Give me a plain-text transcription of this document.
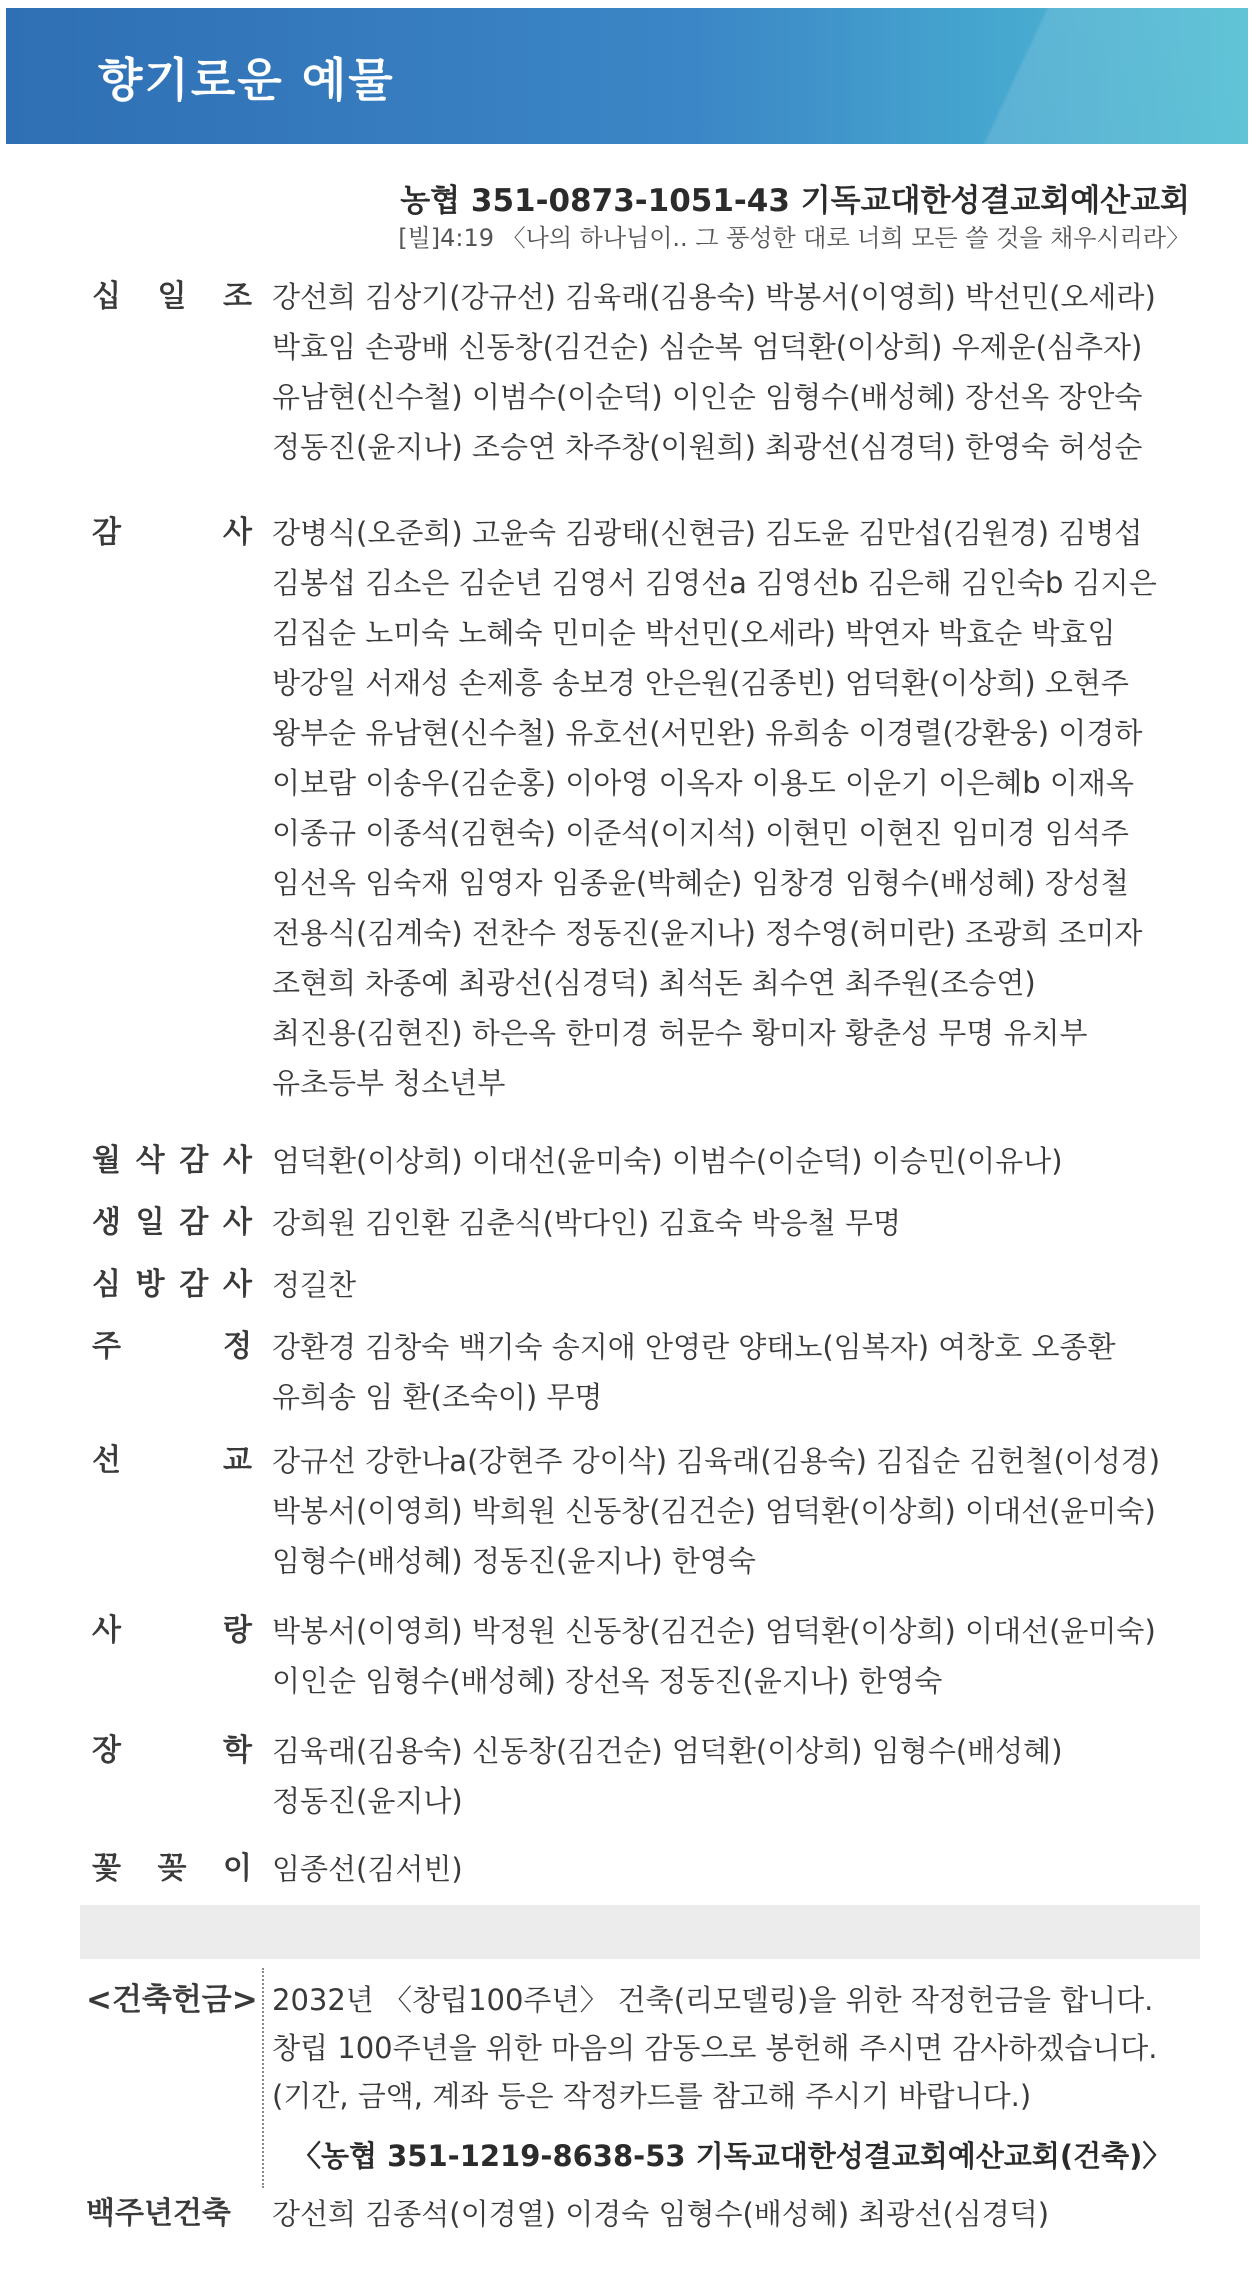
향기로운 예물
농협 351-0873-1051-43 기독교대한성결교회예산교회
[빌]4:19 〈나의 하나님이.. 그 풍성한 대로 너희 모든 쓸 것을 채우시리라〉
십 일 조 강선희 김상기(강규선) 김육래(김용숙) 박봉서(이영희) 박선민(오세라)
박효임 손광배 신동창(김건순) 심순복 엄덕환(이상희) 우제운(심추자)
유남현(신수철) 이범수(이순덕) 이인순 임형수(배성혜) 장선옥 장안숙
정동진(윤지나) 조승연 차주창(이원희) 최광선(심경덕) 한영숙 허성순
감	사 강병식(오준희) 고윤숙 김광태(신현금) 김도윤 김만섭(김원경) 김병섭
김봉섭 김소은 김순년 김영서 김영선a 김영선b 김은해 김인숙b 김지은
김집순 노미숙 노혜숙 민미순 박선민(오세라) 박연자 박효순 박효임
방강일 서재성 손제흥 송보경 안은원(김종빈) 엄덕환(이상희) 오현주
왕부순 유남현(신수철) 유호선(서민완) 유희송 이경렬(강환웅) 이경하
이보람 이송우(김순홍) 이아영 이옥자 이용도 이운기 이은혜b 이재옥
이종규 이종석(김현숙) 이준석(이지석) 이현민 이현진 임미경 임석주
임선옥 임숙재 임영자 임종윤(박혜순) 임창경 임형수(배성혜) 장성철
전용식(김계숙) 전찬수 정동진(윤지나) 정수영(허미란) 조광희 조미자
조현희 차종예 최광선(심경덕) 최석돈 최수연 최주원(조승연)
최진용(김현진) 하은옥 한미경 허문수 황미자 황춘성 무명 유치부
유초등부 청소년부
월 삭 감 사 엄덕환(이상희) 이대선(윤미숙) 이범수(이순덕) 이승민(이유나)
생 일 감 사 강희원 김인환 김춘식(박다인) 김효숙 박응철 무명
심 방 감 사 정길찬
주	정 강환경 김창숙 백기숙 송지애 안영란 양태노(임복자) 여창호 오종환
유희송 임 환(조숙이) 무명
선	교 강규선 강한나a(강현주 강이삭) 김육래(김용숙) 김집순 김헌철(이성경)
박봉서(이영희) 박희원 신동창(김건순) 엄덕환(이상희) 이대선(윤미숙)
임형수(배성혜) 정동진(윤지나) 한영숙
사	랑 박봉서(이영희) 박정원 신동창(김건순) 엄덕환(이상희) 이대선(윤미숙)
이인순 임형수(배성혜) 장선옥 정동진(윤지나) 한영숙
장	학 김육래(김용숙) 신동창(김건순) 엄덕환(이상희) 임형수(배성혜)
정동진(윤지나)
꽃 꽂 이 임종선(김서빈)
<건축헌금> 2032년 〈창립100주년〉 건축(리모델링)을 위한 작정헌금을 합니다.
창립 100주년을 위한 마음의 감동으로 봉헌해 주시면 감사하겠습니다.
(기간, 금액, 계좌 등은 작정카드를 참고해 주시기 바랍니다.)
〈농협 351-1219-8638-53 기독교대한성결교회예산교회(건축)〉
백주년건축 강선희 김종석(이경열) 이경숙 임형수(배성혜) 최광선(심경덕)
